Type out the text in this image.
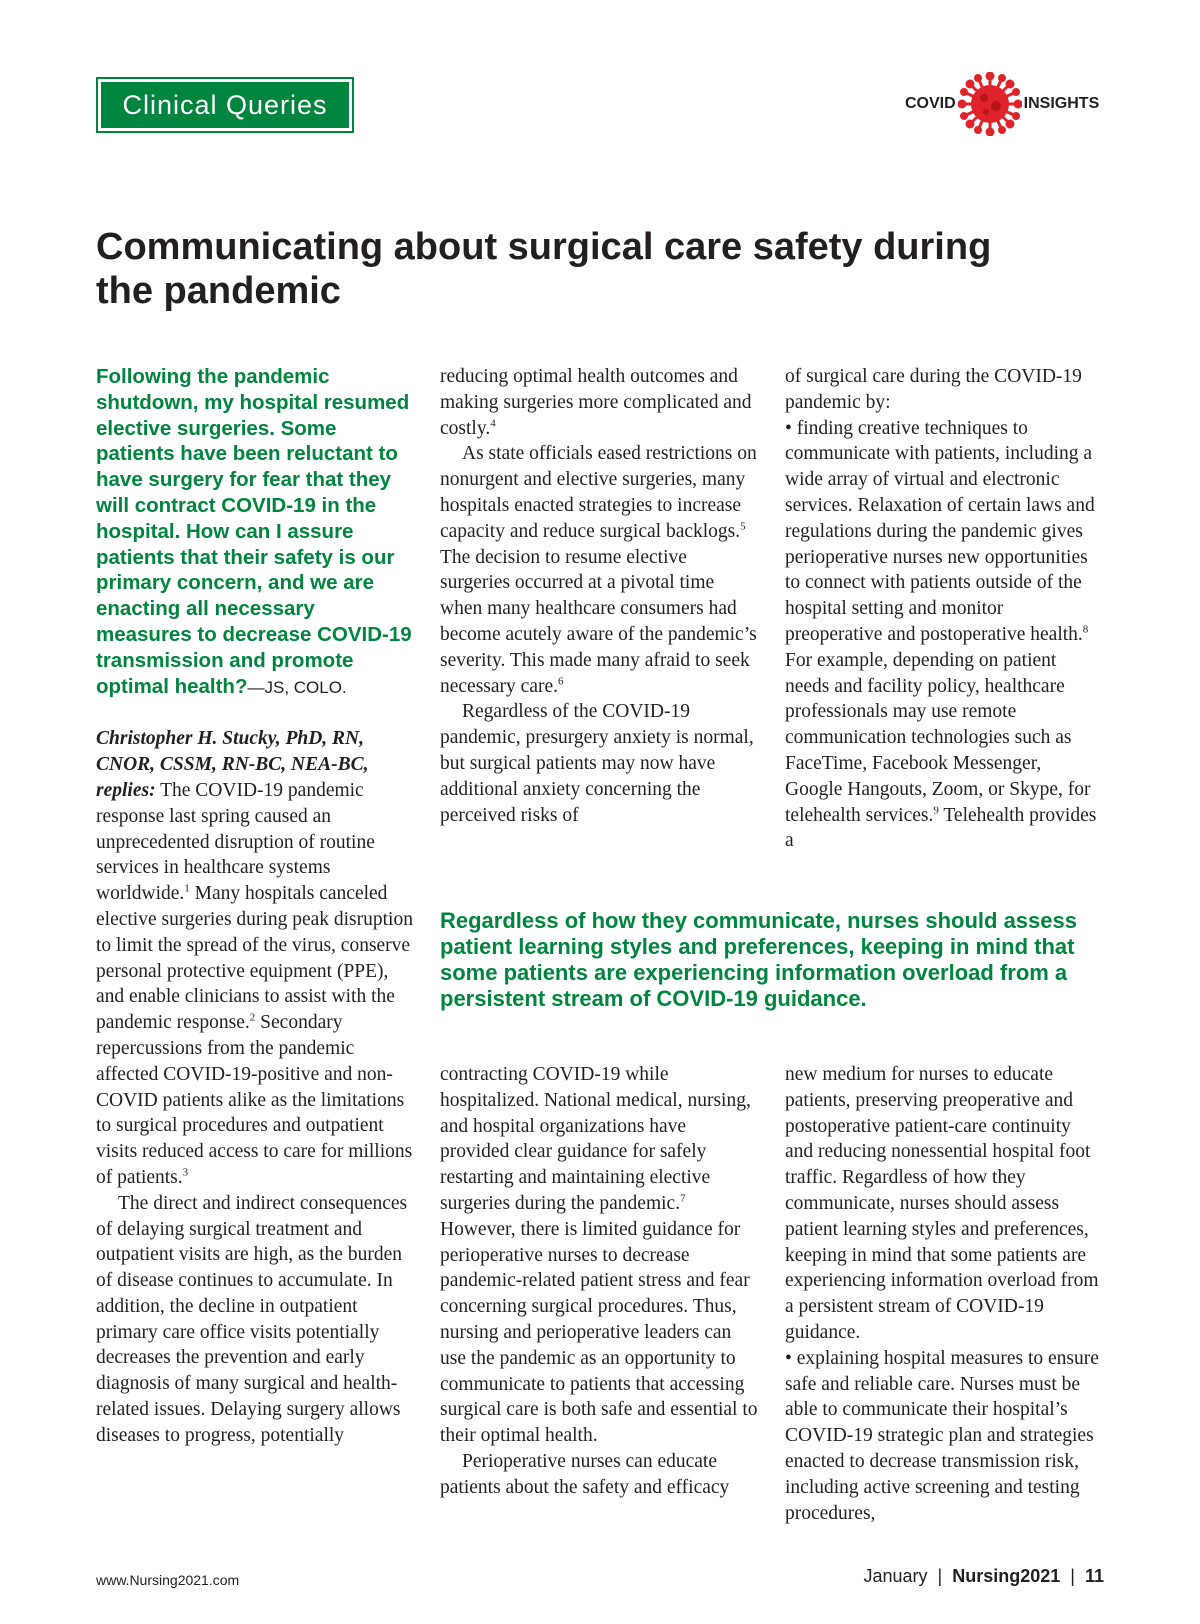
Clinical Queries	COVID	INSIGHTS
Communicating about surgical care safety during the pandemic

Following the pandemic shutdown, my hospital resumed elective surgeries. Some patients have been reluctant to have surgery for fear that they will contract COVID-19 in the hospital. How can I assure patients that their safety is our primary concern, and we are enacting all necessary measures to decrease COVID-19 transmission and promote optimal health?—JS, COLO.

Christopher H. Stucky, PhD, RN, CNOR, CSSM, RN-BC, NEA-BC, replies: The COVID-19 pandemic response last spring caused an unprecedented disruption of routine services in healthcare systems worldwide.$^1$ Many hospitals canceled elective surgeries during peak disruption to limit the spread of the virus, conserve personal protective equipment (PPE), and enable clinicians to assist with the pandemic response.$^2$ Secondary repercussions from the pandemic affected COVID-19-positive and non-COVID patients alike as the limitations to surgical procedures and outpatient visits reduced access to care for millions of patients.$^3$

The direct and indirect consequences of delaying surgical treatment and outpatient visits are high, as the burden of disease continues to accumulate. In addition, the decline in outpatient primary care office visits potentially decreases the prevention and early diagnosis of many surgical and health-related issues. Delaying surgery allows diseases to progress, potentially

reducing optimal health outcomes and making surgeries more complicated and costly.$^4$

As state officials eased restrictions on nonurgent and elective surgeries, many hospitals enacted strategies to increase capacity and reduce surgical backlogs.$^5$ The decision to resume elective surgeries occurred at a pivotal time when many healthcare consumers had become acutely aware of the pandemic’s severity. This made many afraid to seek necessary care.$^6$

Regardless of the COVID-19 pandemic, presurgery anxiety is normal, but surgical patients may now have additional anxiety concerning the perceived risks of

of surgical care during the COVID-19 pandemic by:

• finding creative techniques to communicate with patients, including a wide array of virtual and electronic services. Relaxation of certain laws and regulations during the pandemic gives perioperative nurses new opportunities to connect with patients outside of the hospital setting and monitor preoperative and postoperative health.$^8$ For example, depending on patient needs and facility policy, healthcare professionals may use remote communication technologies such as FaceTime, Facebook Messenger, Google Hangouts, Zoom, or Skype, for telehealth services.$^9$ Telehealth provides a

Regardless of how they communicate, nurses should assess patient learning styles and preferences, keeping in mind that some patients are experiencing information overload from a persistent stream of COVID-19 guidance.

contracting COVID-19 while hospitalized. National medical, nursing, and hospital organizations have provided clear guidance for safely restarting and maintaining elective surgeries during the pandemic.$^7$ However, there is limited guidance for perioperative nurses to decrease pandemic-related patient stress and fear concerning surgical procedures. Thus, nursing and perioperative leaders can use the pandemic as an opportunity to communicate to patients that accessing surgical care is both safe and essential to their optimal health.

Perioperative nurses can educate patients about the safety and efficacy

new medium for nurses to educate patients, preserving preoperative and postoperative patient-care continuity and reducing nonessential hospital foot traffic. Regardless of how they communicate, nurses should assess patient learning styles and preferences, keeping in mind that some patients are experiencing information overload from a persistent stream of COVID-19 guidance.

• explaining hospital measures to ensure safe and reliable care. Nurses must be able to communicate their hospital’s COVID-19 strategic plan and strategies enacted to decrease transmission risk, including active screening and testing procedures,

www.Nursing2021.com	January | Nursing2021 | 11
